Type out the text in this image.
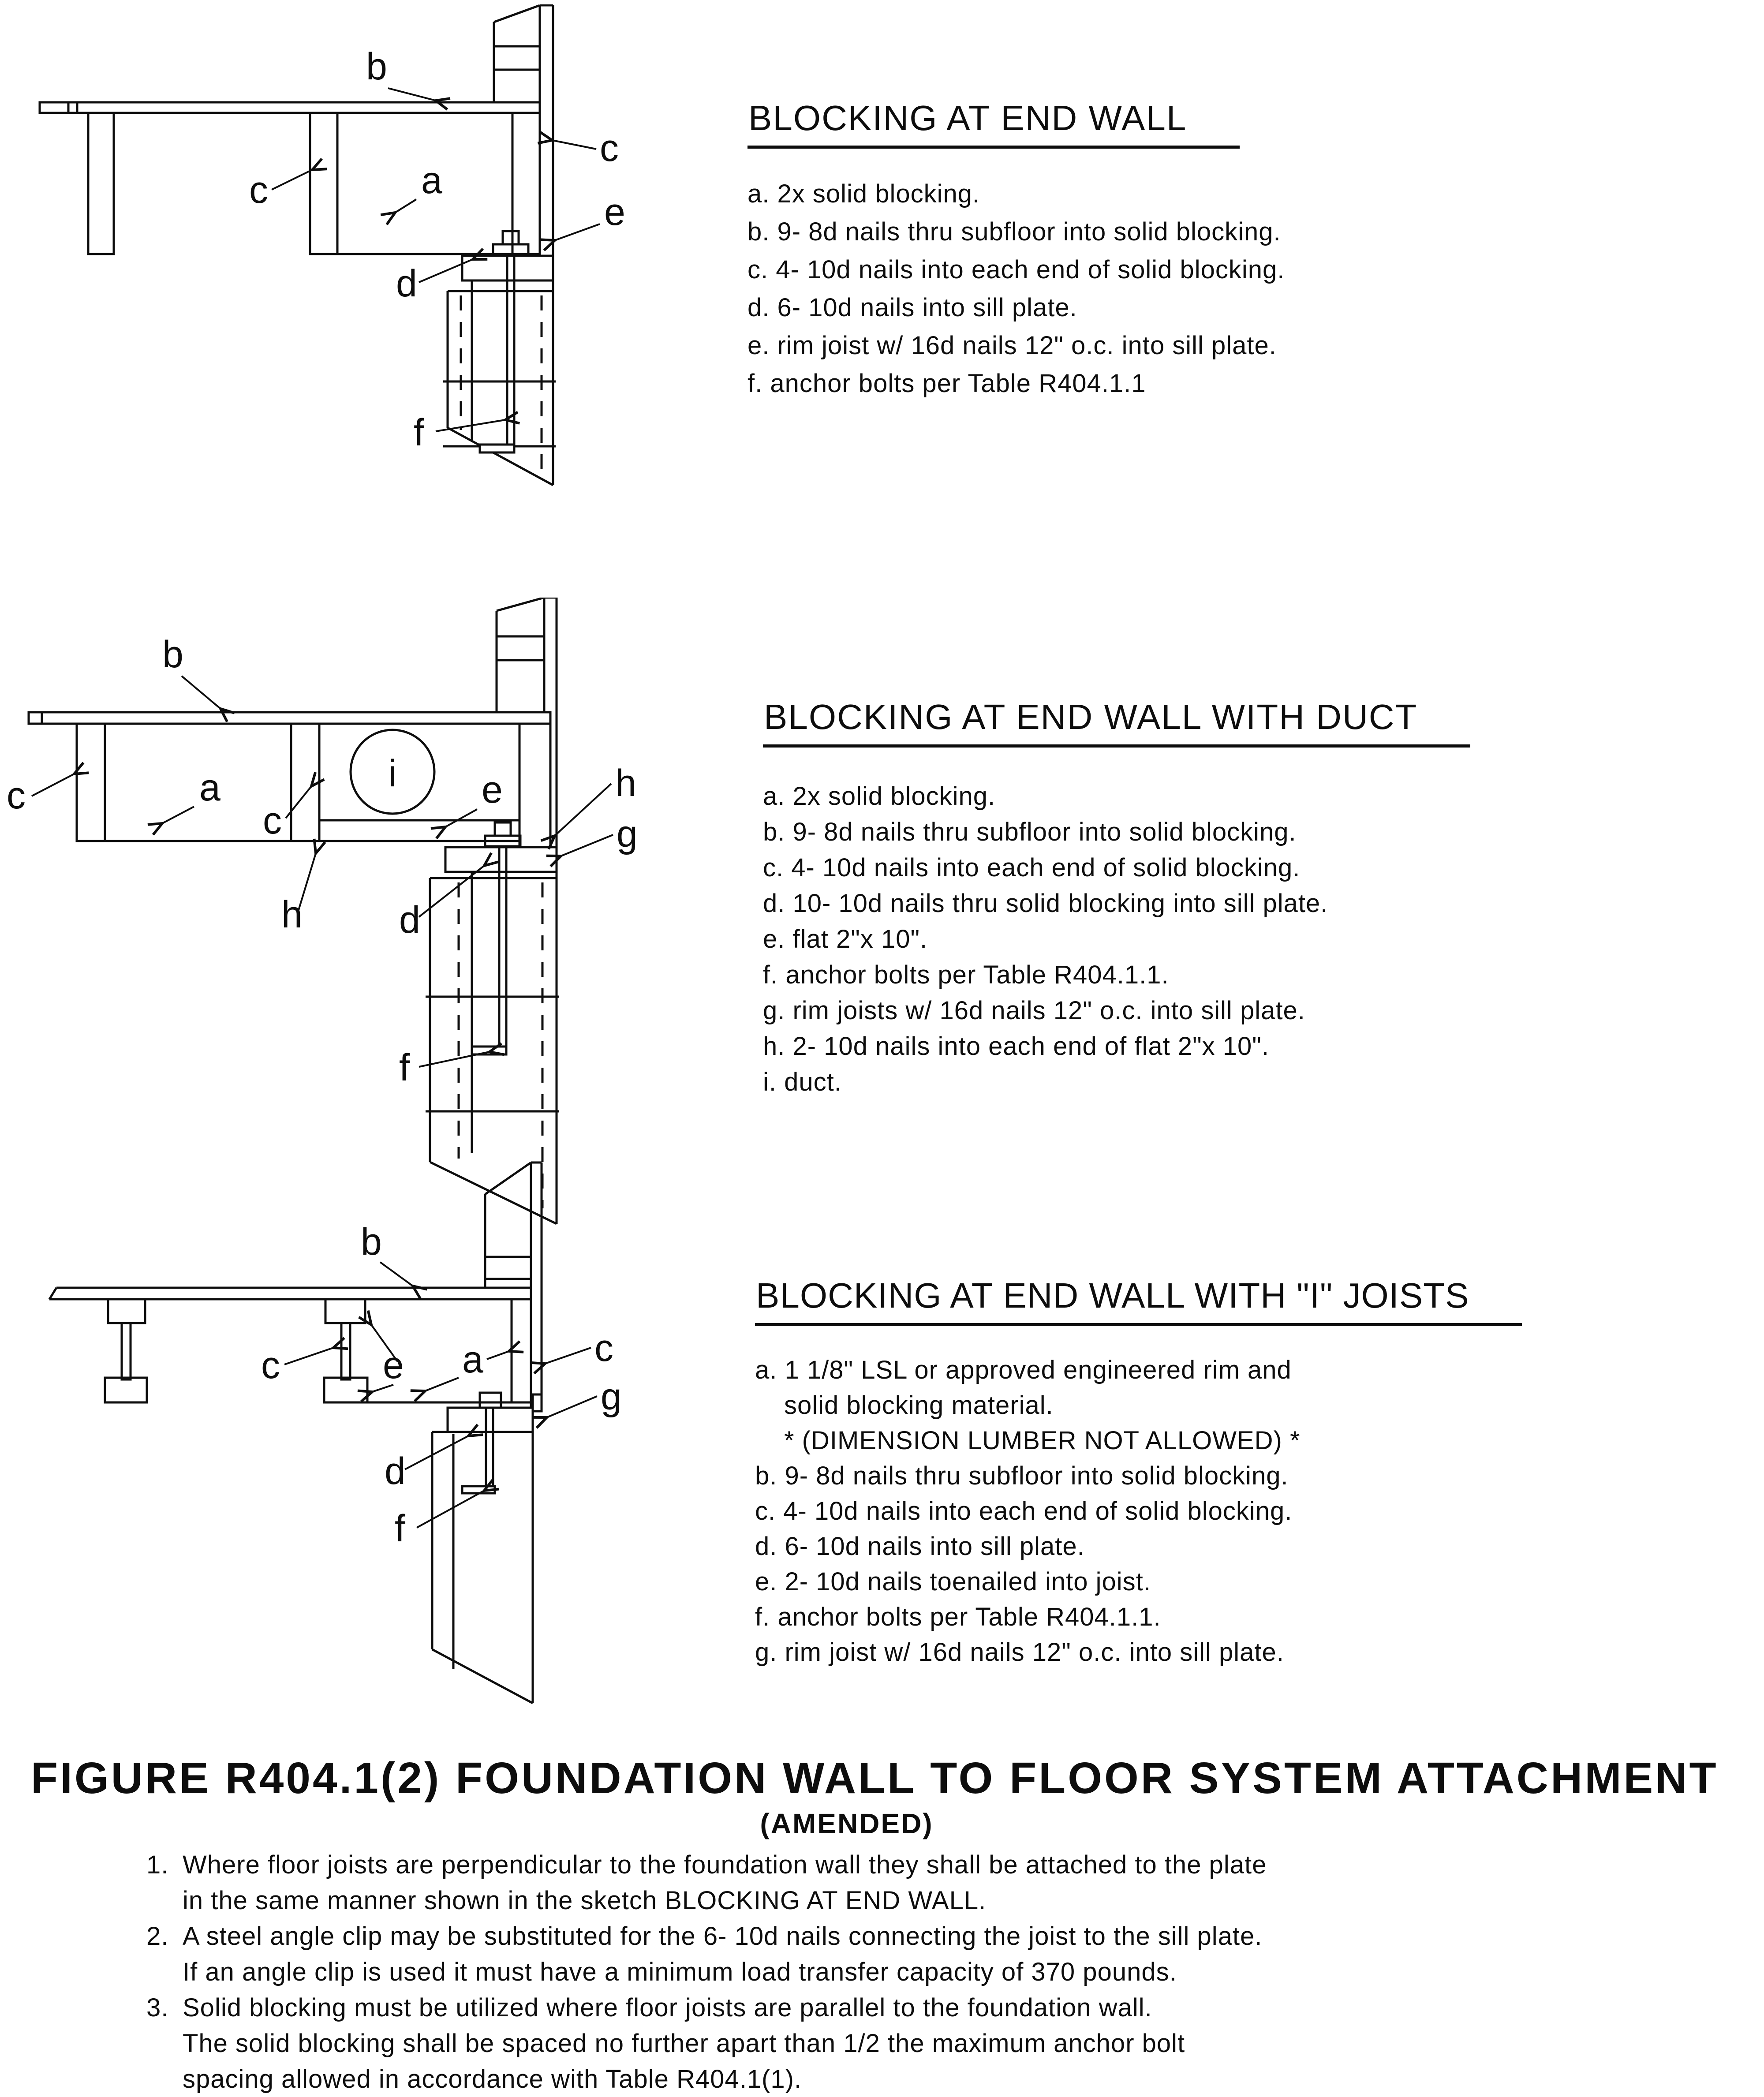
b
c
c	a
e
d
f
b
c	a
c
h
i e	h
g
d
f
b
c	e a	c
g
d
f
BLOCKING AT END WALL
a. 2x solid blocking.
b. 9- 8d nails thru subfloor into solid blocking.
c. 4- 10d nails into each end of solid blocking.
d. 6- 10d nails into sill plate.
e. rim joist w/ 16d nails 12" o.c. into sill plate.
f. anchor bolts per Table R404.1.1
BLOCKING AT END WALL WITH DUCT
a. 2x solid blocking.
b. 9- 8d nails thru subfloor into solid blocking.
c. 4- 10d nails into each end of solid blocking.
d. 10- 10d nails thru solid blocking into sill plate.
e. flat 2"x 10".
f. anchor bolts per Table R404.1.1.
g. rim joists w/ 16d nails 12" o.c. into sill plate.
h. 2- 10d nails into each end of flat 2"x 10".
i. duct.
BLOCKING AT END WALL WITH "I" JOISTS
a. 1 1/8" LSL or approved engineered rim and
solid blocking material.
* (DIMENSION LUMBER NOT ALLOWED) *
b. 9- 8d nails thru subfloor into solid blocking.
c. 4- 10d nails into each end of solid blocking.
d. 6- 10d nails into sill plate.
e. 2- 10d nails toenailed into joist.
f. anchor bolts per Table R404.1.1.
g. rim joist w/ 16d nails 12" o.c. into sill plate.
FIGURE R404.1(2) FOUNDATION WALL TO FLOOR SYSTEM ATTACHMENT
(AMENDED)
1. Where floor joists are perpendicular to the foundation wall they shall be attached to the plate
in the same manner shown in the sketch BLOCKING AT END WALL.
2. A steel angle clip may be substituted for the 6- 10d nails connecting the joist to the sill plate.
If an angle clip is used it must have a minimum load transfer capacity of 370 pounds.
3. Solid blocking must be utilized where floor joists are parallel to the foundation wall.
The solid blocking shall be spaced no further apart than 1/2 the maximum anchor bolt
spacing allowed in accordance with Table R404.1(1).
